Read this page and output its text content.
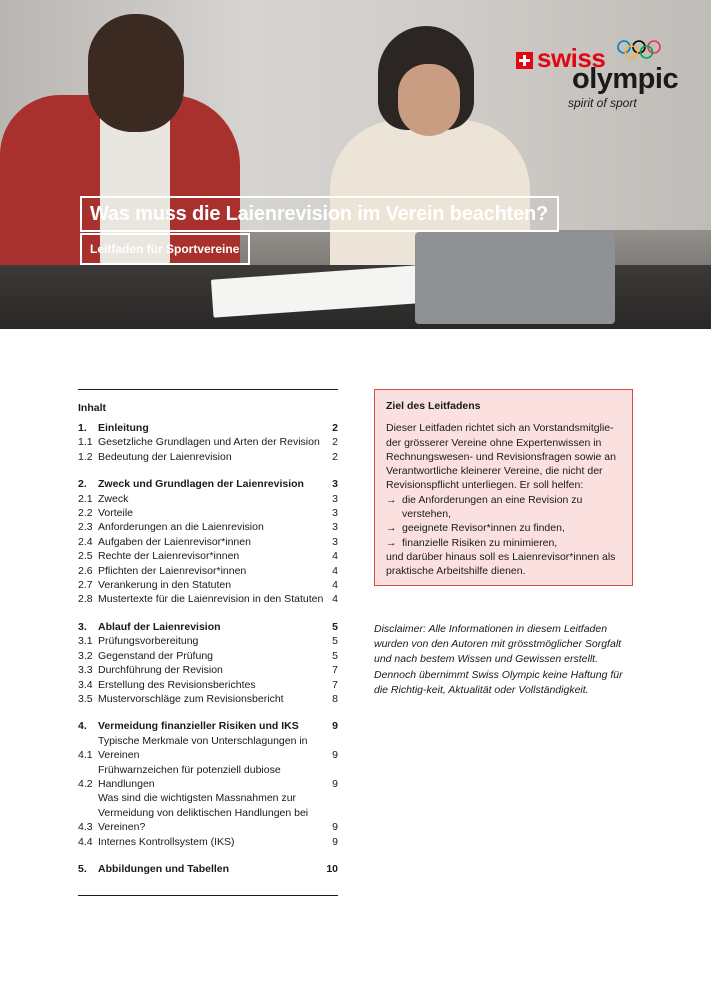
swiss
olympic
spirit of sport
Was muss die Laienrevision im Verein beachten?
Leitfaden für Sportvereine
Inhalt
1.	Einleitung	2
1.1 Gesetzliche Grundlagen und Arten der Revision	2
1.2 Bedeutung der Laienrevision	2
2.	Zweck und Grundlagen der Laienrevision	3
2.1 Zweck	3
2.2 Vorteile	3
2.3 Anforderungen an die Laienrevision	3
2.4 Aufgaben der Laienrevisor*innen	3
2.5 Rechte der Laienrevisor*innen	4
2.6 Pflichten der Laienrevisor*innen	4
2.7 Verankerung in den Statuten	4
2.8 Mustertexte für die Laienrevision in den Statuten 4
3.	Ablauf der Laienrevision	5
3.1 Prüfungsvorbereitung	5
3.2 Gegenstand der Prüfung	5
3.3 Durchführung der Revision	7
3.4 Erstellung des Revisionsberichtes	7
3.5 Mustervorschläge zum Revisionsbericht	8
4.	Vermeidung finanzieller Risiken und IKS	9
4.1
Typische Merkmale von Unterschlagungen in Vereinen	9
4.2
Frühwarnzeichen für potenziell dubiose Handlungen	9
4.3
Was sind die wichtigsten Massnahmen zur Vermeidung von deliktischen Handlungen bei Vereinen?	9
4.4 Internes Kontrollsystem (IKS)	9
5.	Abbildungen und Tabellen	10
Ziel des Leitfadens
Dieser Leitfaden richtet sich an Vorstandsmitglie-der grösserer Vereine ohne Expertenwissen in Rechnungswesen- und Revisionsfragen sowie an Verantwortliche kleinerer Vereine, die nicht der Revisionspflicht unterliegen. Er soll helfen:
→ die Anforderungen an eine Revision zu verstehen,
→ geeignete Revisor*innen zu finden,
→ finanzielle Risiken zu minimieren,
und darüber hinaus soll es Laienrevisor*innen als praktische Arbeitshilfe dienen.
Disclaimer: Alle Informationen in diesem Leitfaden wurden von den Autoren mit grösstmöglicher Sorgfalt und nach bestem Wissen und Gewissen erstellt. Dennoch übernimmt Swiss Olympic keine Haftung für die Richtig-keit, Aktualität oder Vollständigkeit.
